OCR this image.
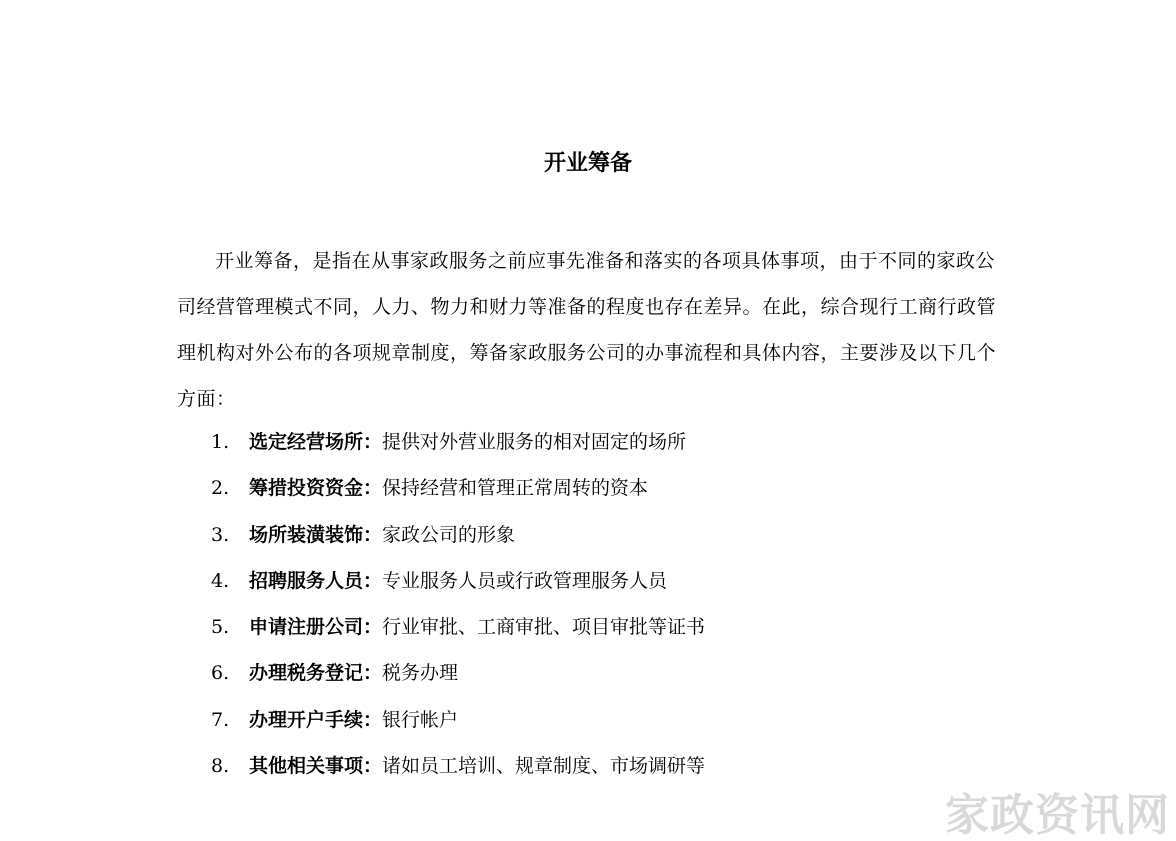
开业筹备

开业筹备，是指在从事家政服务之前应事先准备和落实的各项具体事项，由于不同的家政公司经营管理模式不同，人力、物力和财力等准备的程度也存在差异。在此，综合现行工商行政管理机构对外公布的各项规章制度，筹备家政服务公司的办事流程和具体内容，主要涉及以下几个方面：

1. 选定经营场所：提供对外营业服务的相对固定的场所
2. 筹措投资资金：保持经营和管理正常周转的资本
3. 场所装潢装饰：家政公司的形象
4. 招聘服务人员：专业服务人员或行政管理服务人员
5. 申请注册公司：行业审批、工商审批、项目审批等证书
6. 办理税务登记：税务办理
7. 办理开户手续：银行帐户
8. 其他相关事项：诸如员工培训、规章制度、市场调研等
家政资讯网
